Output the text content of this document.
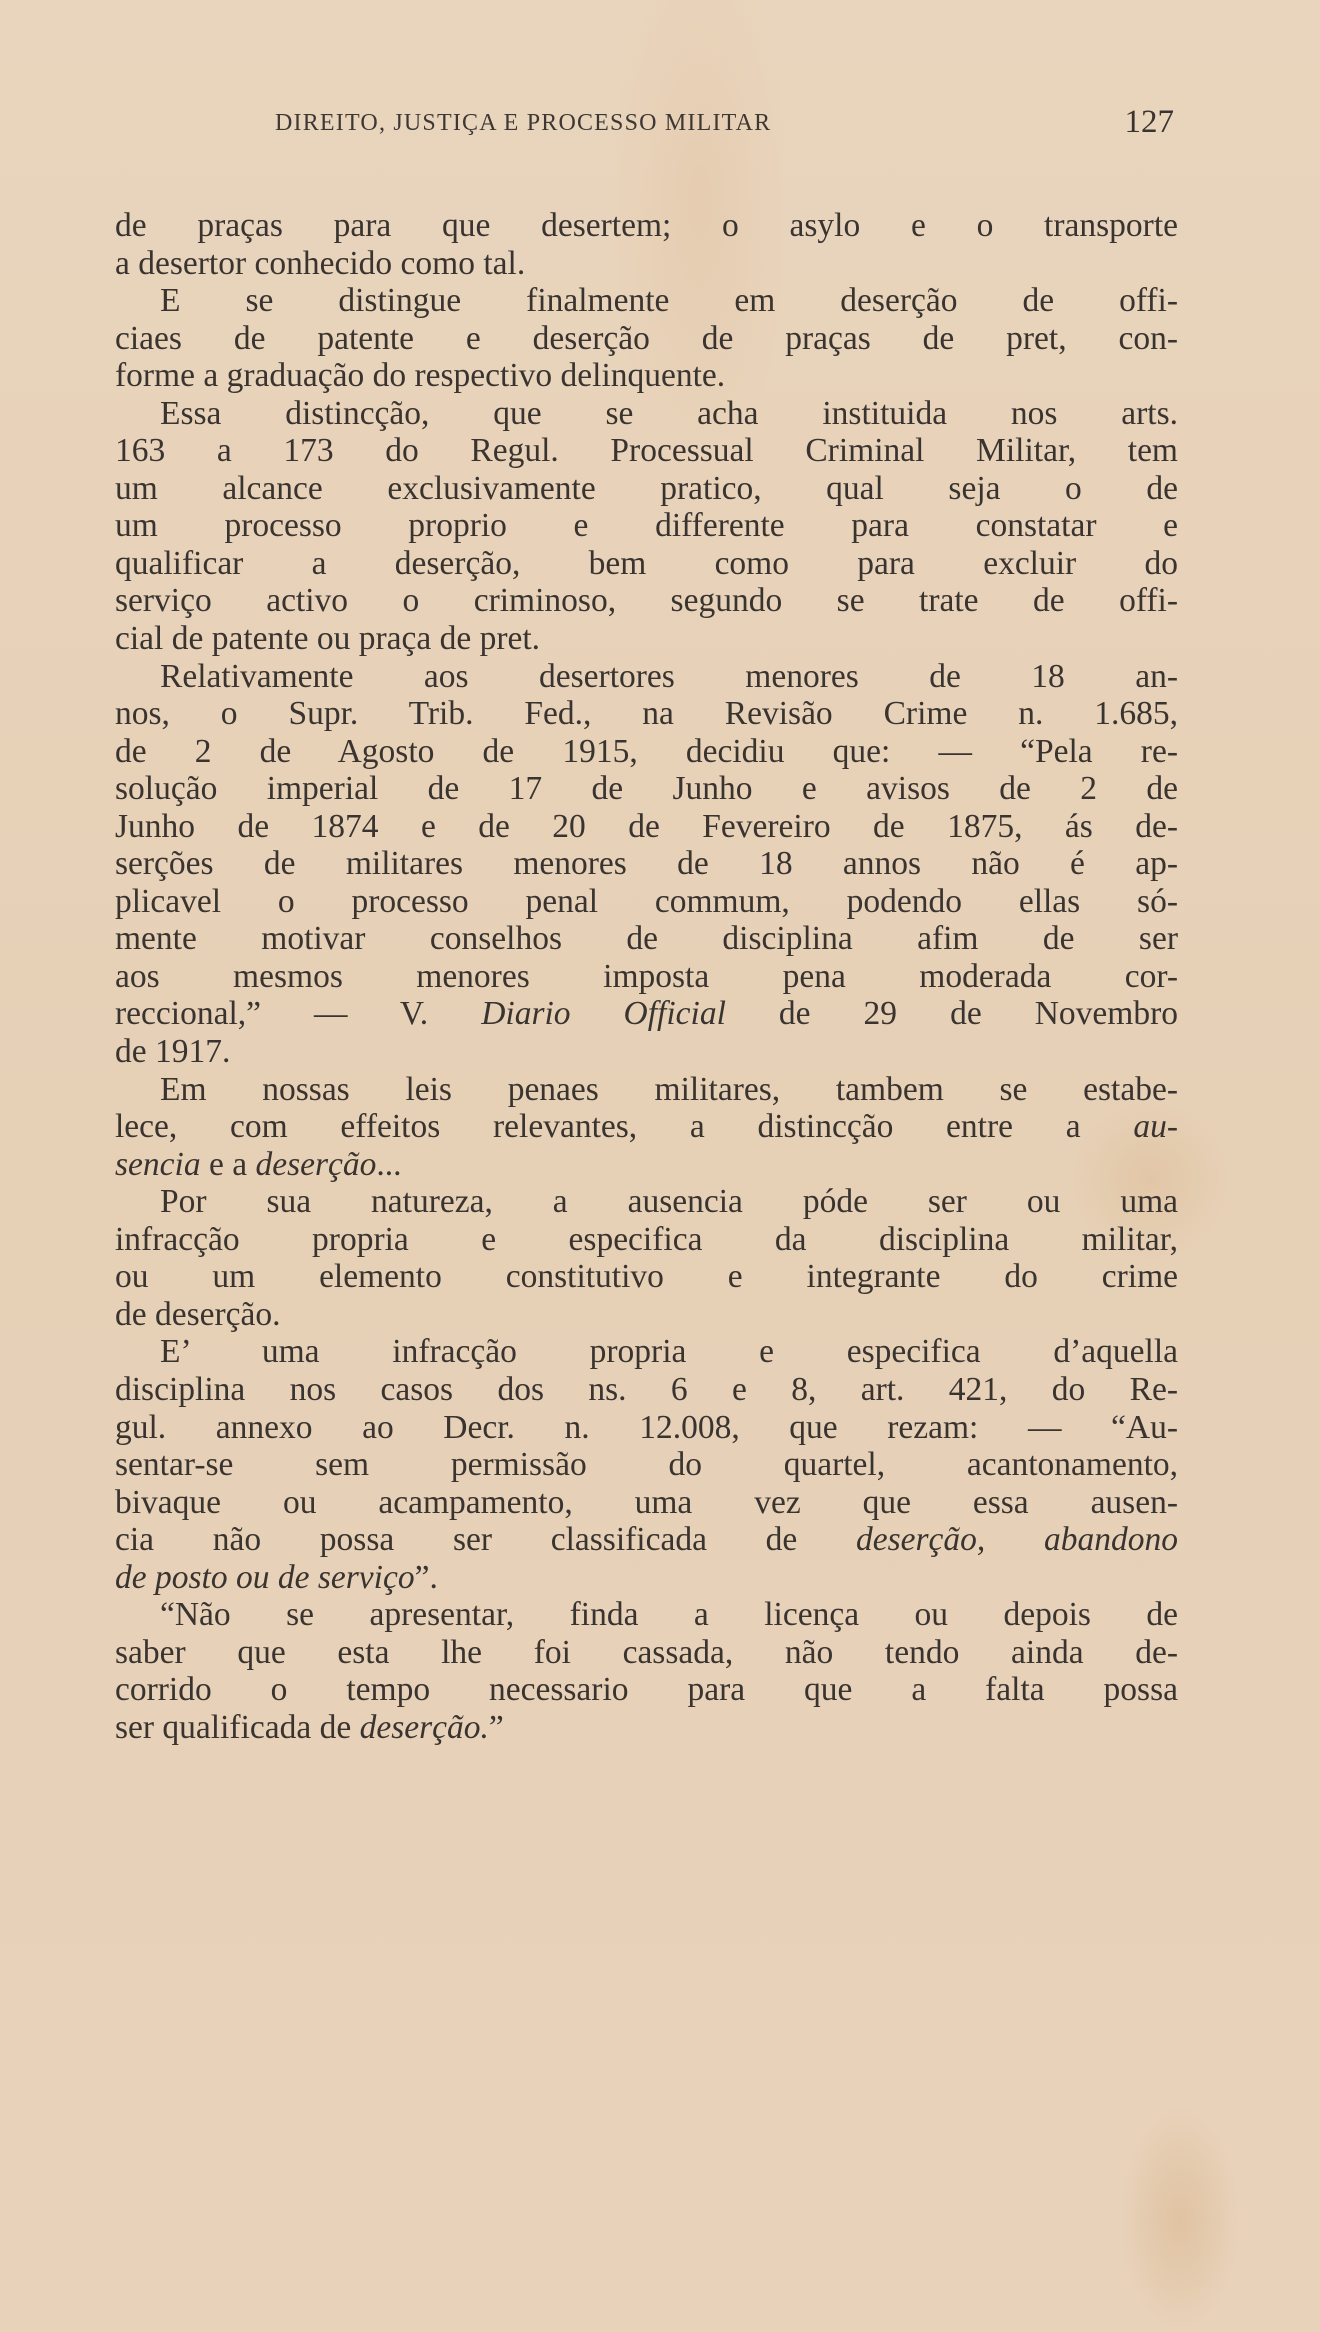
DIREITO, JUSTIÇA E PROCESSO MILITAR	127
de praças para que desertem; o asylo e o transporte
a desertor conhecido como tal.
E se distingue finalmente em deserção de offi-
ciaes de patente e deserção de praças de pret, con-
forme a graduação do respectivo delinquente.
Essa distincção, que se acha instituida nos arts.
163 a 173 do Regul. Processual Criminal Militar, tem
um alcance exclusivamente pratico, qual seja o de
um processo proprio e differente para constatar e
qualificar a deserção, bem como para excluir do
serviço activo o criminoso, segundo se trate de offi-
cial de patente ou praça de pret.
Relativamente aos desertores menores de 18 an-
nos, o Supr. Trib. Fed., na Revisão Crime n. 1.685,
de 2 de Agosto de 1915, decidiu que: — “Pela re-
solução imperial de 17 de Junho e avisos de 2 de
Junho de 1874 e de 20 de Fevereiro de 1875, ás de-
serções de militares menores de 18 annos não é ap-
plicavel o processo penal commum, podendo ellas só-
mente motivar conselhos de disciplina afim de ser
aos mesmos menores imposta pena moderada cor-
reccional,” — V. Diario Official de 29 de Novembro
de 1917.
Em nossas leis penaes militares, tambem se estabe-
lece, com effeitos relevantes, a distincção entre a au-
sencia e a deserção...
Por sua natureza, a ausencia póde ser ou uma
infracção propria e especifica da disciplina militar,
ou um elemento constitutivo e integrante do crime
de deserção.
E’ uma infracção propria e especifica d’aquella
disciplina nos casos dos ns. 6 e 8, art. 421, do Re-
gul. annexo ao Decr. n. 12.008, que rezam: — “Au-
sentar-se sem permissão do quartel, acantonamento,
bivaque ou acampamento, uma vez que essa ausen-
cia não possa ser classificada de deserção, abandono
de posto ou de serviço”.
“Não se apresentar, finda a licença ou depois de
saber que esta lhe foi cassada, não tendo ainda de-
corrido o tempo necessario para que a falta possa
ser qualificada de deserção.”
